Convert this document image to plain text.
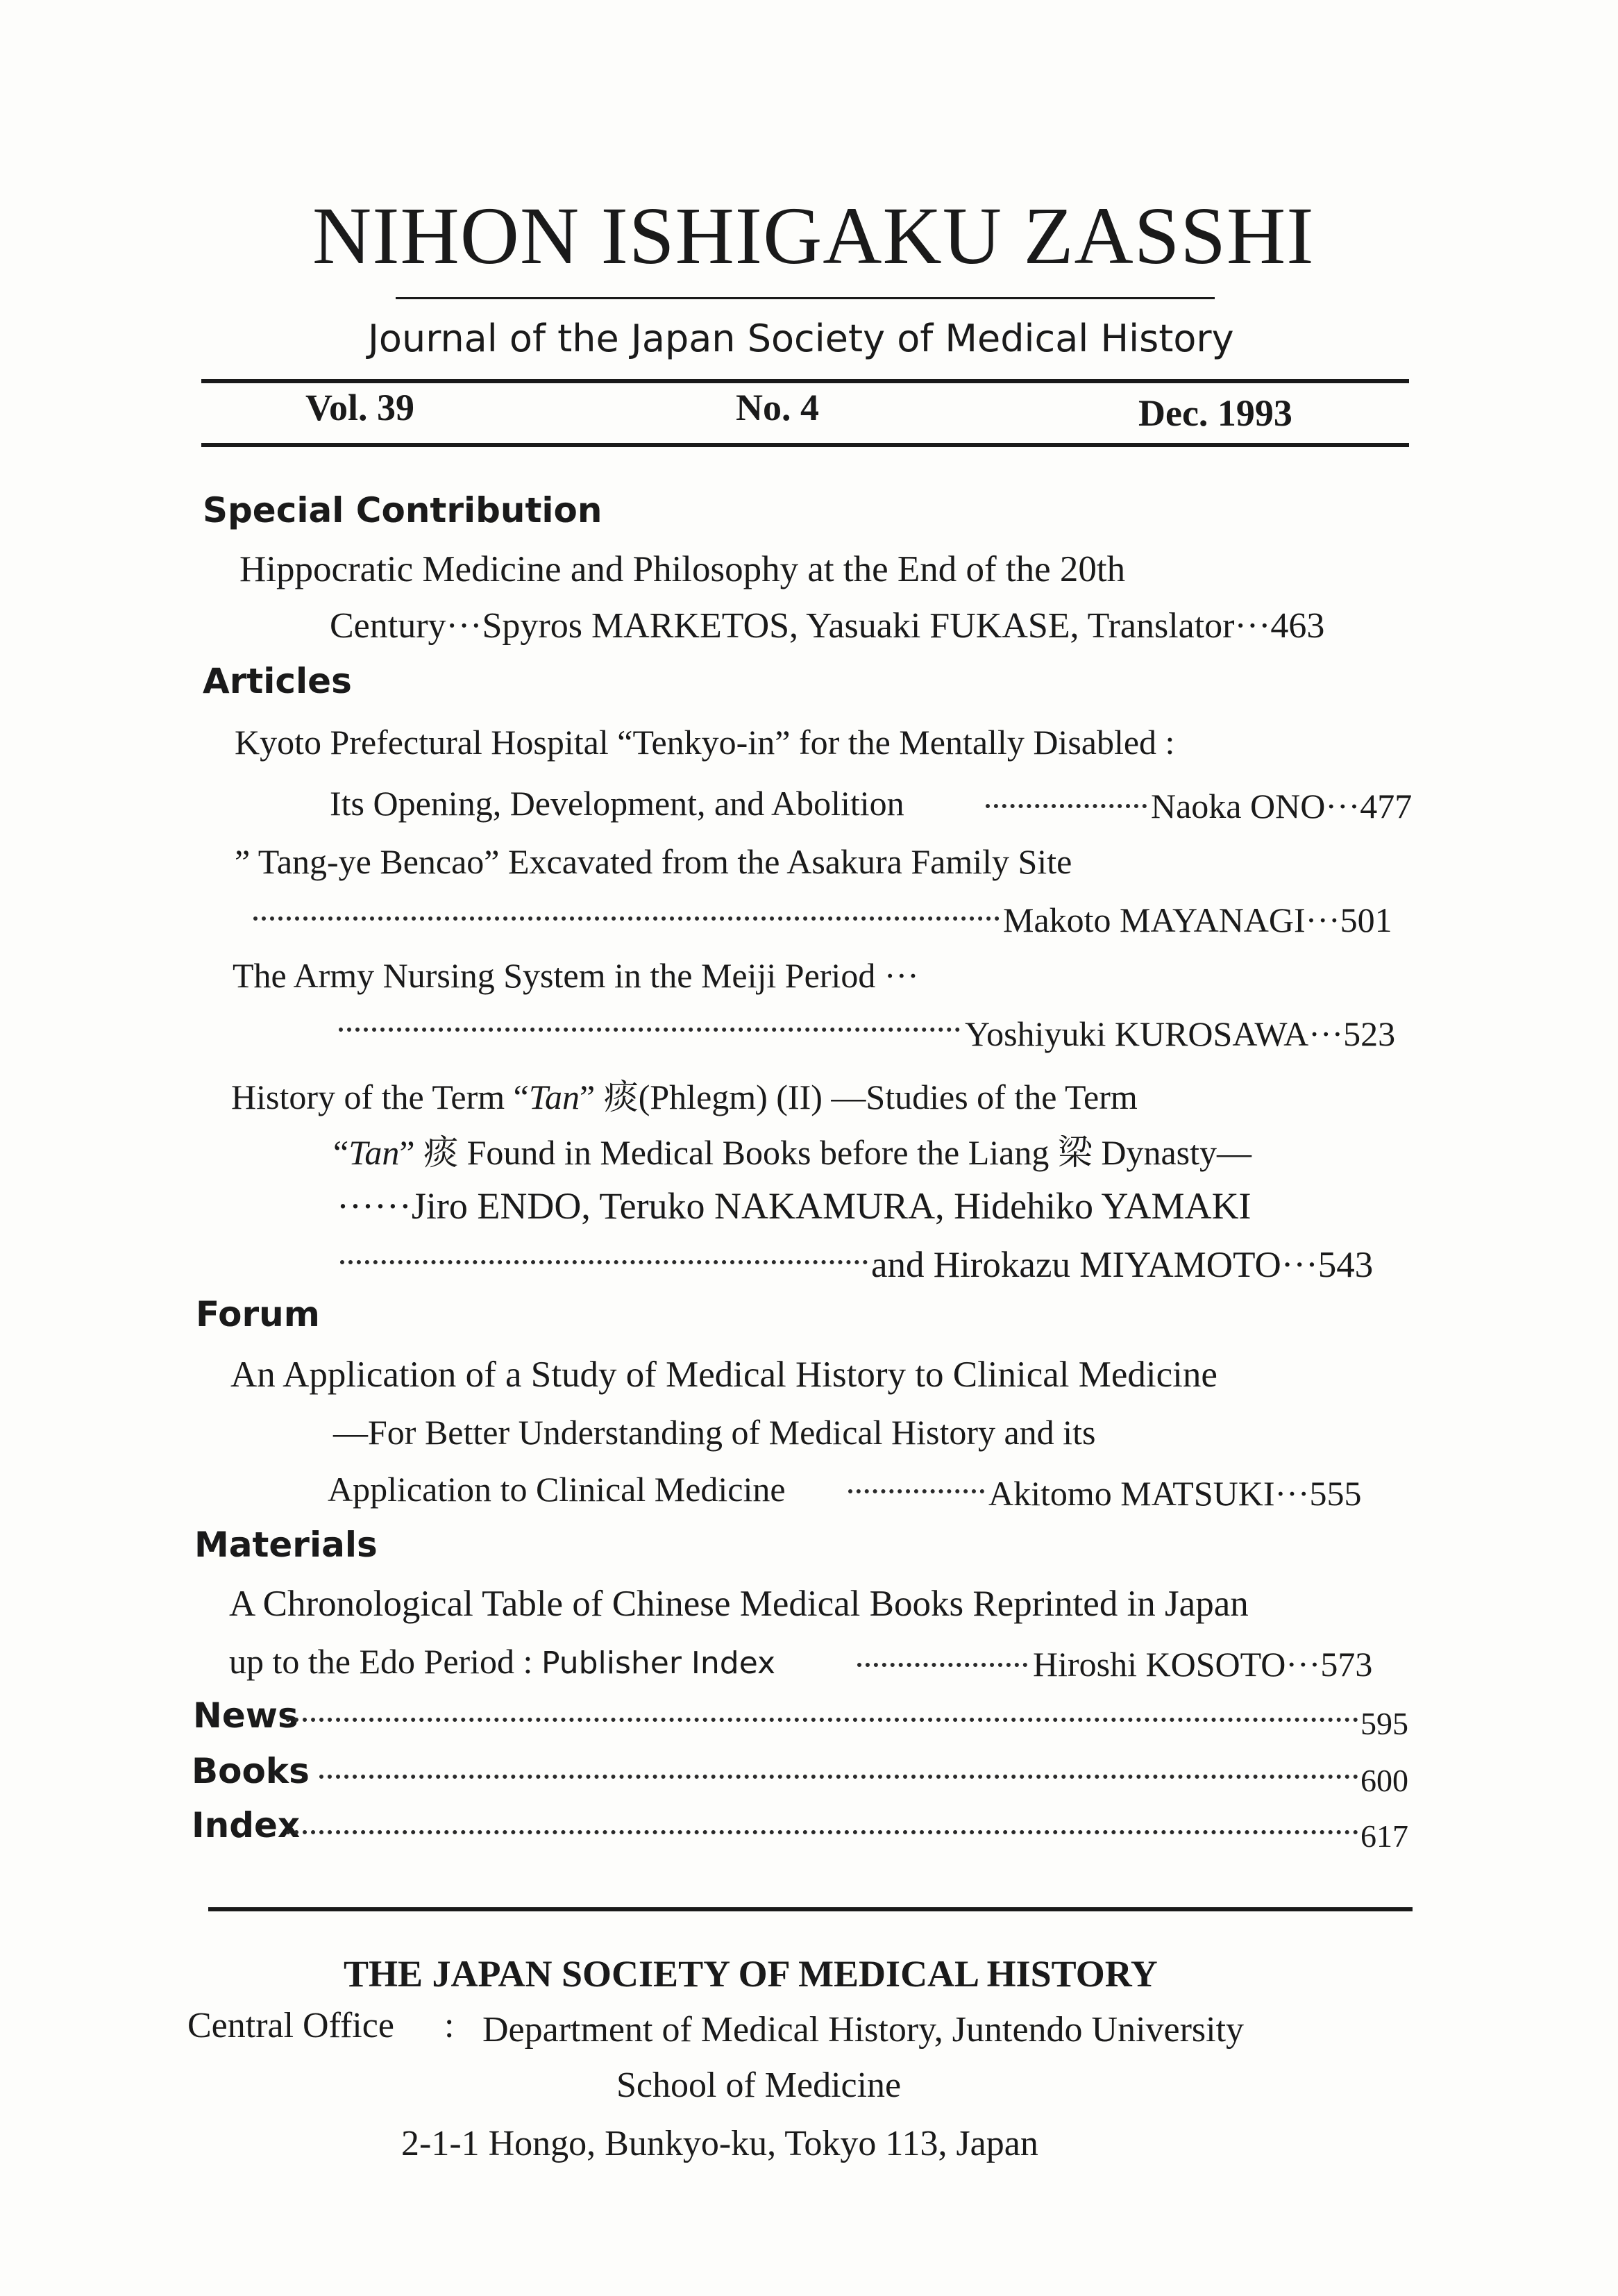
NIHON ISHIGAKU ZASSHI
Journal of the Japan Society of Medical History
Vol. 39	No. 4	Dec. 1993
Special Contribution
Hippocratic Medicine and Philosophy at the End of the 20th
Century···Spyros MARKETOS, Yasuaki FUKASE, Translator···463
Articles
Kyoto Prefectural Hospital “Tenkyo-in” for the Mentally Disabled :
Its Opening, Development, and Abolition	Naoka ONO···477
” Tang-ye Bencao” Excavated from the Asakura Family Site
Makoto MAYANAGI···501
The Army Nursing System in the Meiji Period ···
Yoshiyuki KUROSAWA···523
History of the Term “Tan” 痰(Phlegm) (II) —Studies of the Term
“Tan” 痰 Found in Medical Books before the Liang 梁 Dynasty—
······Jiro ENDO, Teruko NAKAMURA, Hidehiko YAMAKI
and Hirokazu MIYAMOTO···543
Forum
An Application of a Study of Medical History to Clinical Medicine
—For Better Understanding of Medical History and its
Application to Clinical Medicine	Akitomo MATSUKI···555
Materials
A Chronological Table of Chinese Medical Books Reprinted in Japan
up to the Edo Period : Publisher Index	Hiroshi KOSOTO···573
News	595
Books	600
Index	617
THE JAPAN SOCIETY OF MEDICAL HISTORY
Central Office : Department of Medical History, Juntendo University
School of Medicine
2-1-1 Hongo, Bunkyo-ku, Tokyo 113, Japan
